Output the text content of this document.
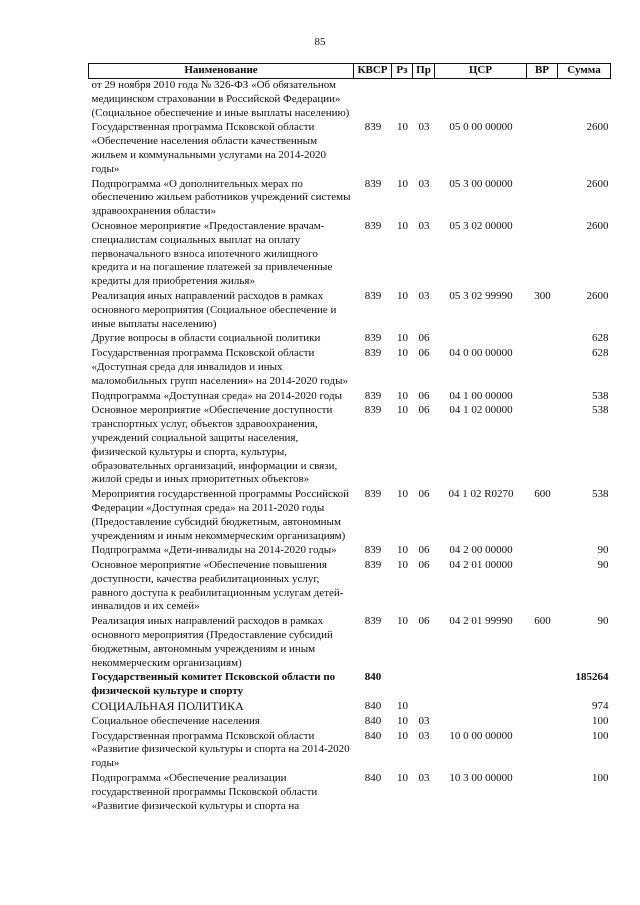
85
Наименование	КВСР	Рз	Пр	ЦСР	ВР	Сумма
от 29 ноября 2010 года № 326-ФЗ «Об обязательном медицинском страховании в Российской Федерации» (Социальное обеспечение и иные выплаты населению)						
Государственная программа Псковской области «Обеспечение населения области качественным жильем и коммунальными услугами на 2014-2020 годы»	839	10	03	05 0 00 00000		2600
Подпрограмма «О дополнительных мерах по обеспечению жильем работников учреждений системы здравоохранения области»	839	10	03	05 3 00 00000		2600
Основное мероприятие «Предоставление врачам-специалистам социальных выплат на оплату первоначального взноса ипотечного жилищного кредита и на погашение платежей за привлеченные кредиты для приобретения жилья»	839	10	03	05 3 02 00000		2600
Реализация иных направлений расходов в рамках основного мероприятия (Социальное обеспечение и иные выплаты населению)	839	10	03	05 3 02 99990	300	2600
Другие вопросы в области социальной политики	839	10	06			628
Государственная программа Псковской области «Доступная среда для инвалидов и иных маломобильных групп населения» на 2014-2020 годы»	839	10	06	04 0 00 00000		628
Подпрограмма «Доступная среда» на 2014-2020 годы	839	10	06	04 1 00 00000		538
Основное мероприятие «Обеспечение доступности транспортных услуг, объектов здравоохранения, учреждений социальной защиты населения, физической культуры и спорта, культуры, образовательных организаций, информации и связи, жилой среды и иных приоритетных объектов»	839	10	06	04 1 02 00000		538
Мероприятия государственной программы Российской Федерации «Доступная среда» на 2011-2020 годы (Предоставление субсидий бюджетным, автономным учреждениям и иным некоммерческим организациям)	839	10	06	04 1 02 R0270	600	538
Подпрограмма «Дети-инвалиды на 2014-2020 годы»	839	10	06	04 2 00 00000		90
Основное мероприятие «Обеспечение повышения доступности, качества реабилитационных услуг, равного доступа к реабилитационным услугам детей-инвалидов и их семей»	839	10	06	04 2 01 00000		90
Реализация иных направлений расходов в рамках основного мероприятия (Предоставление субсидий бюджетным, автономным учреждениям и иным некоммерческим организациям)	839	10	06	04 2 01 99990	600	90
Государственный комитет Псковской области по физической культуре и спорту	840					185264
СОЦИАЛЬНАЯ ПОЛИТИКА	840	10				974
Социальное обеспечение населения	840	10	03			100
Государственная программа Псковской области «Развитие физической культуры и спорта на 2014-2020 годы»	840	10	03	10 0 00 00000		100
Подпрограмма «Обеспечение реализации государственной программы Псковской области «Развитие физической культуры и спорта на	840	10	03	10 3 00 00000		100
